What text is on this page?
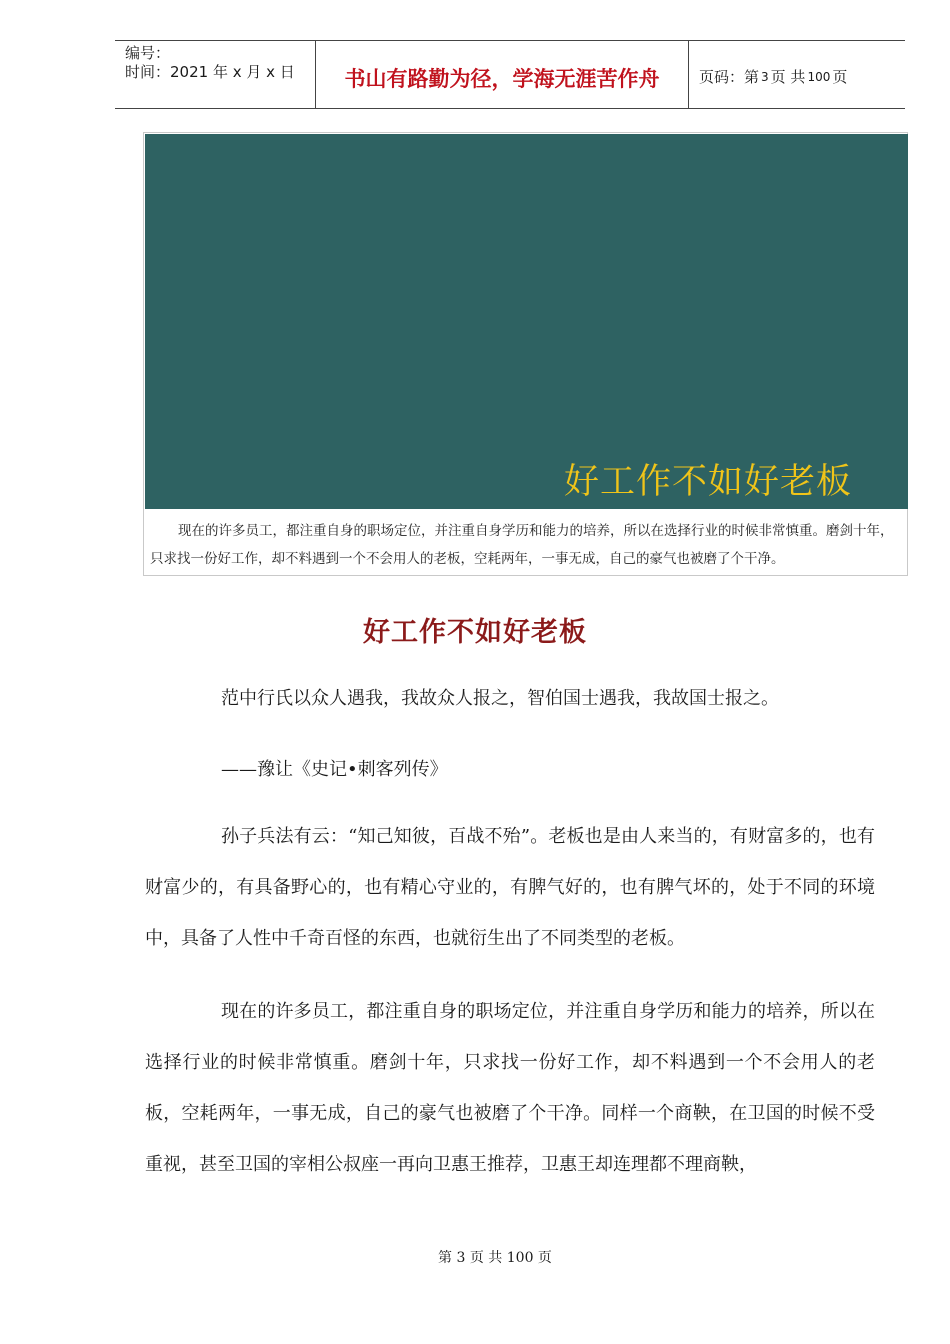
编号：
时间：2021 年 x 月 x 日	书山有路勤为径，学海无涯苦作舟	页码：第 3 页 共 100 页
好工作不如好老板
现在的许多员工，都注重自身的职场定位，并注重自身学历和能力的培养，所以在选择行业的时候非常慎重。磨剑十年，只求找一份好工作，却不料遇到一个不会用人的老板，空耗两年，一事无成，自己的豪气也被磨了个干净。
好工作不如好老板
范中行氏以众人遇我，我故众人报之，智伯国士遇我，我故国士报之。
——豫让《史记•刺客列传》
孙子兵法有云：“知己知彼，百战不殆”。老板也是由人来当的，有财富多的，也有财富少的，有具备野心的，也有精心守业的，有脾气好的，也有脾气坏的，处于不同的环境中，具备了人性中千奇百怪的东西，也就衍生出了不同类型的老板。
现在的许多员工，都注重自身的职场定位，并注重自身学历和能力的培养，所以在选择行业的时候非常慎重。磨剑十年，只求找一份好工作，却不料遇到一个不会用人的老板，空耗两年，一事无成，自己的豪气也被磨了个干净。同样一个商鞅，在卫国的时候不受重视，甚至卫国的宰相公叔座一再向卫惠王推荐，卫惠王却连理都不理商鞅，
第 3 页 共 100 页
